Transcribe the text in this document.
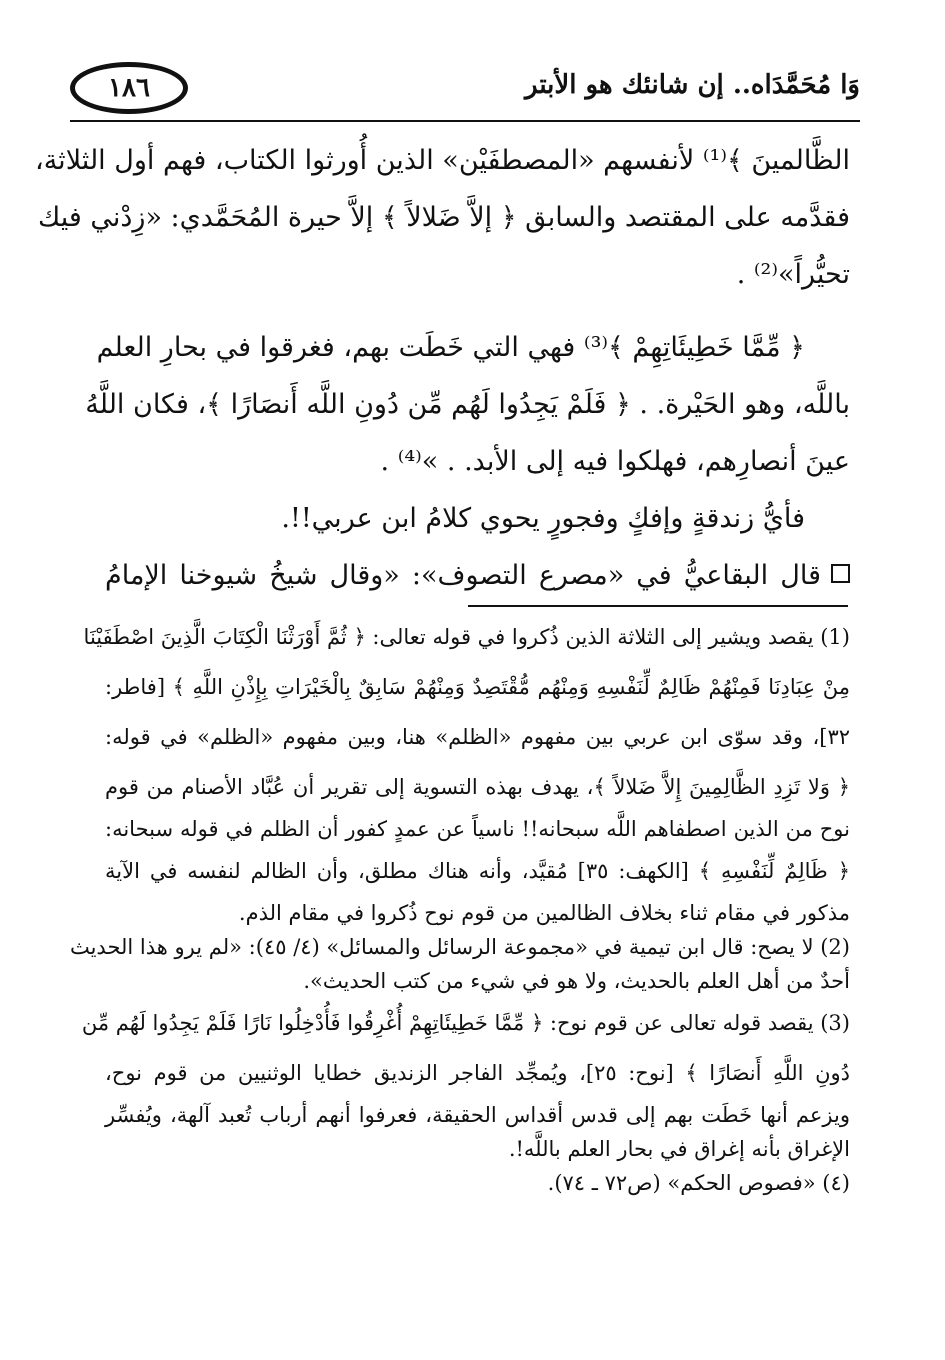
١٨٦	وَا مُحَمَّدَاه.. إن شانئك هو الأبتر
الظَّالمينَ ﴾⁽¹⁾ لأنفسهم «المصطفَيْن» الذين أُورثوا الكتاب، فهم أول الثلاثة،
فقدَّمه على المقتصد والسابق ﴿ إلاَّ ضَلالاً ﴾ إلاَّ حيرة المُحَمَّدي: «زِدْني فيك
تحيُّراً»⁽²⁾ .
﴿ مِّمَّا خَطِيئَاتِهِمْ ﴾⁽³⁾ فهي التي خَطَت بهم، فغرقوا في بحارِ العلم
باللَّه، وهو الحَيْرة. . ﴿ فَلَمْ يَجِدُوا لَهُم مِّن دُونِ اللَّه أَنصَارًا ﴾، فكان اللَّهُ
عينَ أنصارِهم، فهلكوا فيه إلى الأبد. . »⁽⁴⁾ .
فأيُّ زندقةٍ وإفكٍ وفجورٍ يحوي كلامُ ابن عربي!!.
قال البقاعيُّ في «مصرع التصوف»: «وقال شيخُ شيوخنا الإمامُ
(1) يقصد ويشير إلى الثلاثة الذين ذُكروا في قوله تعالى: ﴿ ثُمَّ أَوْرَثْنَا الْكِتَابَ الَّذِينَ اصْطَفَيْنَا
مِنْ عِبَادِنَا فَمِنْهُمْ ظَالِمٌ لِّنَفْسِهِ وَمِنْهُم مُّقْتَصِدٌ وَمِنْهُمْ سَابِقٌ بِالْخَيْرَاتِ بِإِذْنِ اللَّهِ ﴾ [فاطر:
٣٢]، وقد سوّى ابن عربي بين مفهوم «الظلم» هنا، وبين مفهوم «الظلم» في قوله:
﴿ وَلا تَزِدِ الظَّالِمِينَ إِلاَّ ضَلالاً ﴾، يهدف بهذه التسوية إلى تقرير أن عُبَّاد الأصنام من قوم
نوح من الذين اصطفاهم اللَّه سبحانه!! ناسياً عن عمدٍ كفور أن الظلم في قوله سبحانه:
﴿ ظَالِمٌ لِّنَفْسِهِ ﴾ [الكهف: ٣٥] مُقيَّد، وأنه هناك مطلق، وأن الظالم لنفسه في الآية
مذكور في مقام ثناء بخلاف الظالمين من قوم نوح ذُكروا في مقام الذم.
(2) لا يصح: قال ابن تيمية في «مجموعة الرسائل والمسائل» (٤/ ٤٥): «لم يرو هذا الحديث
أحدٌ من أهل العلم بالحديث، ولا هو في شيء من كتب الحديث».
(3) يقصد قوله تعالى عن قوم نوح: ﴿ مِّمَّا خَطِيئَاتِهِمْ أُغْرِقُوا فَأُدْخِلُوا نَارًا فَلَمْ يَجِدُوا لَهُم مِّن
دُونِ اللَّهِ أَنصَارًا ﴾ [نوح: ٢٥]، ويُمجِّد الفاجر الزنديق خطايا الوثنيين من قوم نوح،
ويزعم أنها خَطَت بهم إلى قدس أقداس الحقيقة، فعرفوا أنهم أرباب تُعبد آلهة، ويُفسِّر
الإغراق بأنه إغراق في بحار العلم باللَّه!.
(٤) «فصوص الحكم» (ص٧٢ ـ ٧٤).
